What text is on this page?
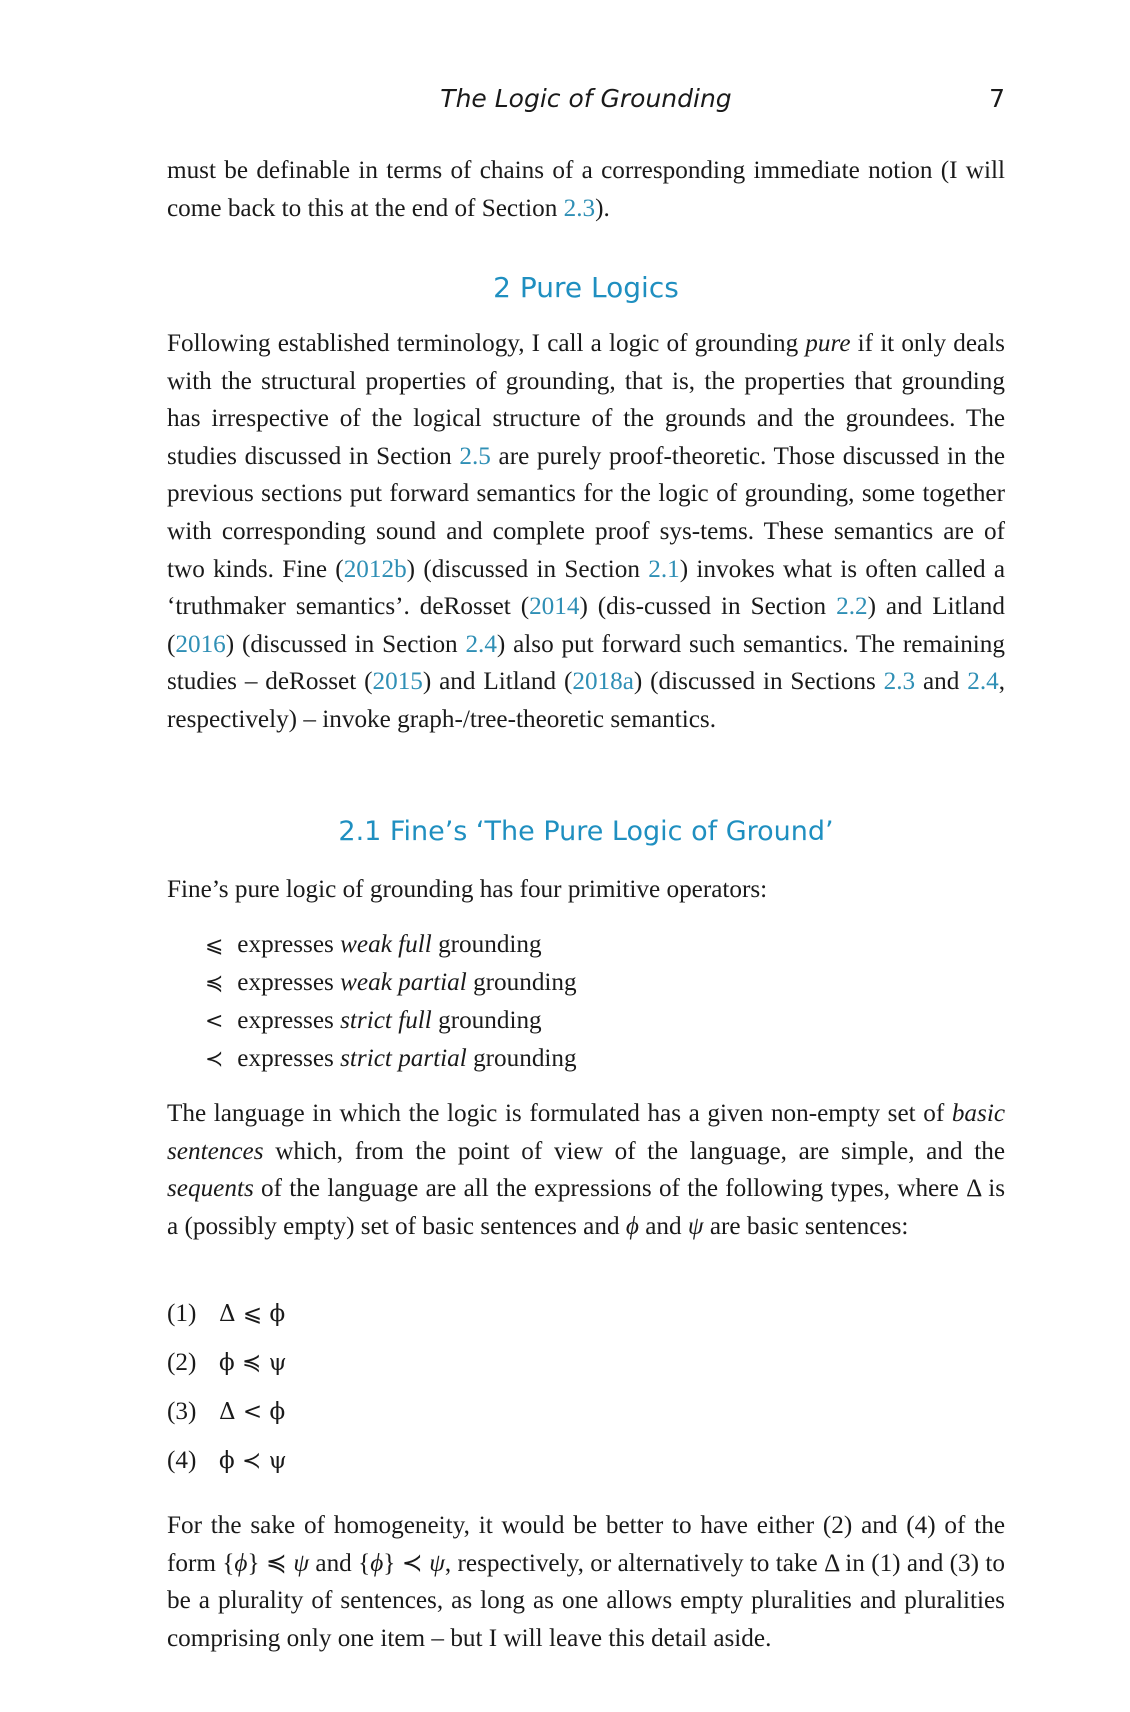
The Logic of Grounding	7

must be definable in terms of chains of a corresponding immediate notion (I will come back to this at the end of Section 2.3).

2 Pure Logics

Following established terminology, I call a logic of grounding pure if it only deals with the structural properties of grounding, that is, the properties that grounding has irrespective of the logical structure of the grounds and the groundees. The studies discussed in Section 2.5 are purely proof-theoretic. Those discussed in the previous sections put forward semantics for the logic of grounding, some together with corresponding sound and complete proof sys-tems. These semantics are of two kinds. Fine (2012b) (discussed in Section 2.1) invokes what is often called a ‘truthmaker semantics’. deRosset (2014) (dis-cussed in Section 2.2) and Litland (2016) (discussed in Section 2.4) also put forward such semantics. The remaining studies – deRosset (2015) and Litland (2018a) (discussed in Sections 2.3 and 2.4, respectively) – invoke graph-/tree-theoretic semantics.

2.1 Fine’s ‘The Pure Logic of Ground’

Fine’s pure logic of grounding has four primitive operators:

⩽ expresses weak full grounding
≼ expresses weak partial grounding
< expresses strict full grounding
≺ expresses strict partial grounding

The language in which the logic is formulated has a given non-empty set of basic sentences which, from the point of view of the language, are simple, and the sequents of the language are all the expressions of the following types, where Δ is a (possibly empty) set of basic sentences and ϕ and ψ are basic sentences:

(1) Δ ⩽ ϕ
(2) ϕ ≼ ψ
(3) Δ < ϕ
(4) ϕ ≺ ψ

For the sake of homogeneity, it would be better to have either (2) and (4) of the form {ϕ} ≼ ψ and {ϕ} ≺ ψ, respectively, or alternatively to take Δ in (1) and (3) to be a plurality of sentences, as long as one allows empty pluralities and pluralities comprising only one item – but I will leave this detail aside.
